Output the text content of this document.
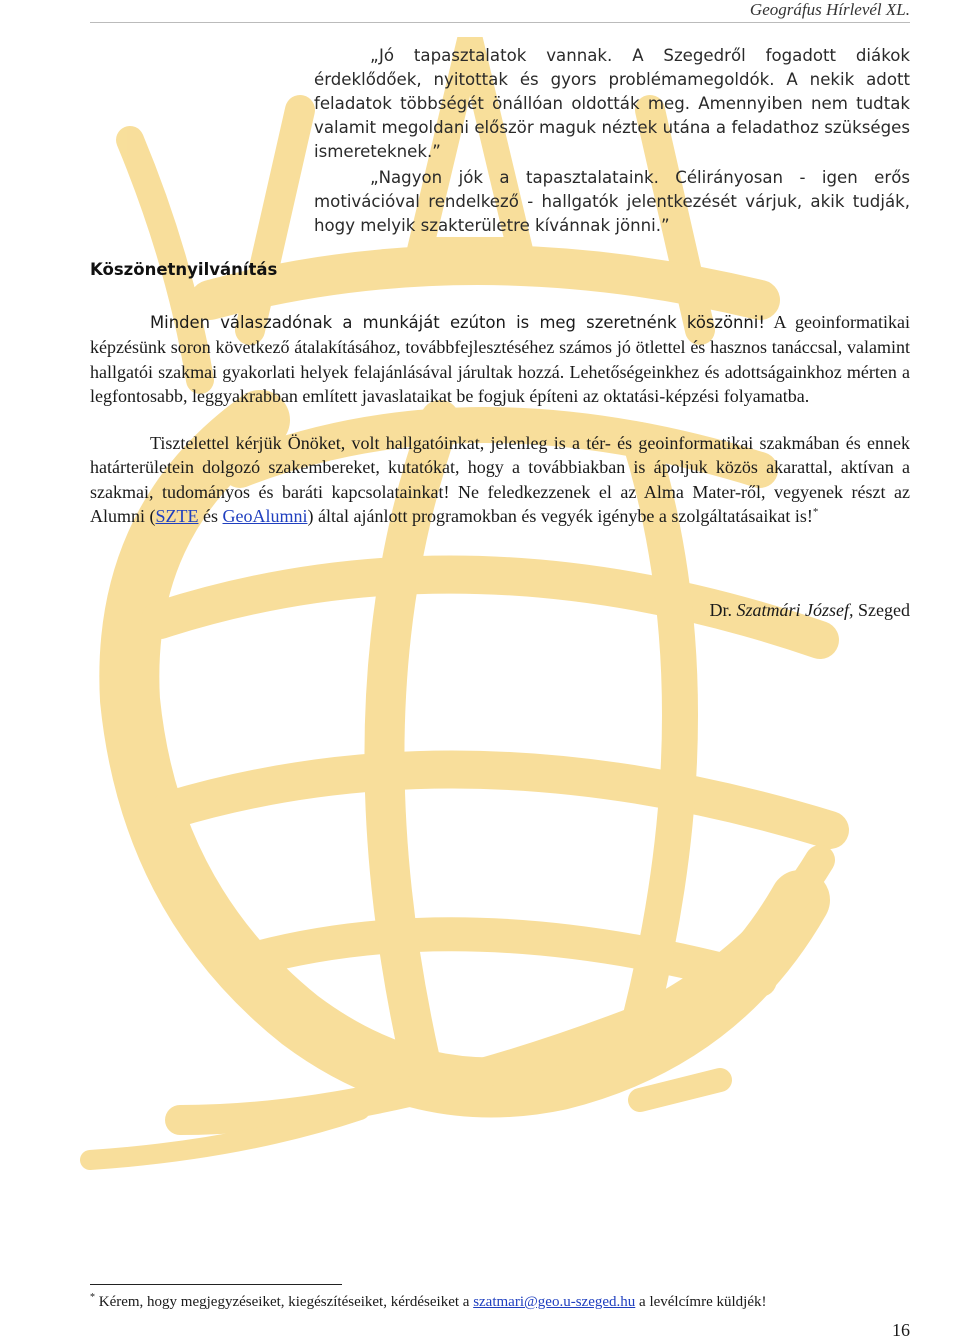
Geográfus Hírlevél XL.

„Jó tapasztalatok vannak. A Szegedről fogadott diákok érdeklődőek, nyitottak és gyors problémamegoldók. A nekik adott feladatok többségét önállóan oldották meg. Amennyiben nem tudtak valamit megoldani először maguk néztek utána a feladathoz szükséges ismereteknek.”

„Nagyon jók a tapasztalataink. Célirányosan - igen erős motivációval rendelkező - hallgatók jelentkezését várjuk, akik tudják, hogy melyik szakterületre kívánnak jönni.”

Köszönetnyilvánítás

Minden válaszadónak a munkáját ezúton is meg szeretnénk köszönni! A geoinformatikai képzésünk soron következő átalakításához, továbbfejlesztéséhez számos jó ötlettel és hasznos tanáccsal, valamint hallgatói szakmai gyakorlati helyek felajánlásával járultak hozzá. Lehetőségeinkhez és adottságainkhoz mérten a legfontosabb, leggyakrabban említett javaslataikat be fogjuk építeni az oktatási-képzési folyamatba.

Tisztelettel kérjük Önöket, volt hallgatóinkat, jelenleg is a tér- és geoinformatikai szakmában és ennek határterületein dolgozó szakembereket, kutatókat, hogy a továbbiakban is ápoljuk közös akarattal, aktívan a szakmai, tudományos és baráti kapcsolatainkat! Ne feledkezzenek el az Alma Mater-ről, vegyenek részt az Alumni (SZTE és GeoAlumni) által ajánlott programokban és vegyék igénybe a szolgáltatásaikat is!*

Dr. Szatmári József, Szeged
* Kérem, hogy megjegyzéseiket, kiegészítéseiket, kérdéseiket a szatmari@geo.u-szeged.hu a levélcímre küldjék!
16
